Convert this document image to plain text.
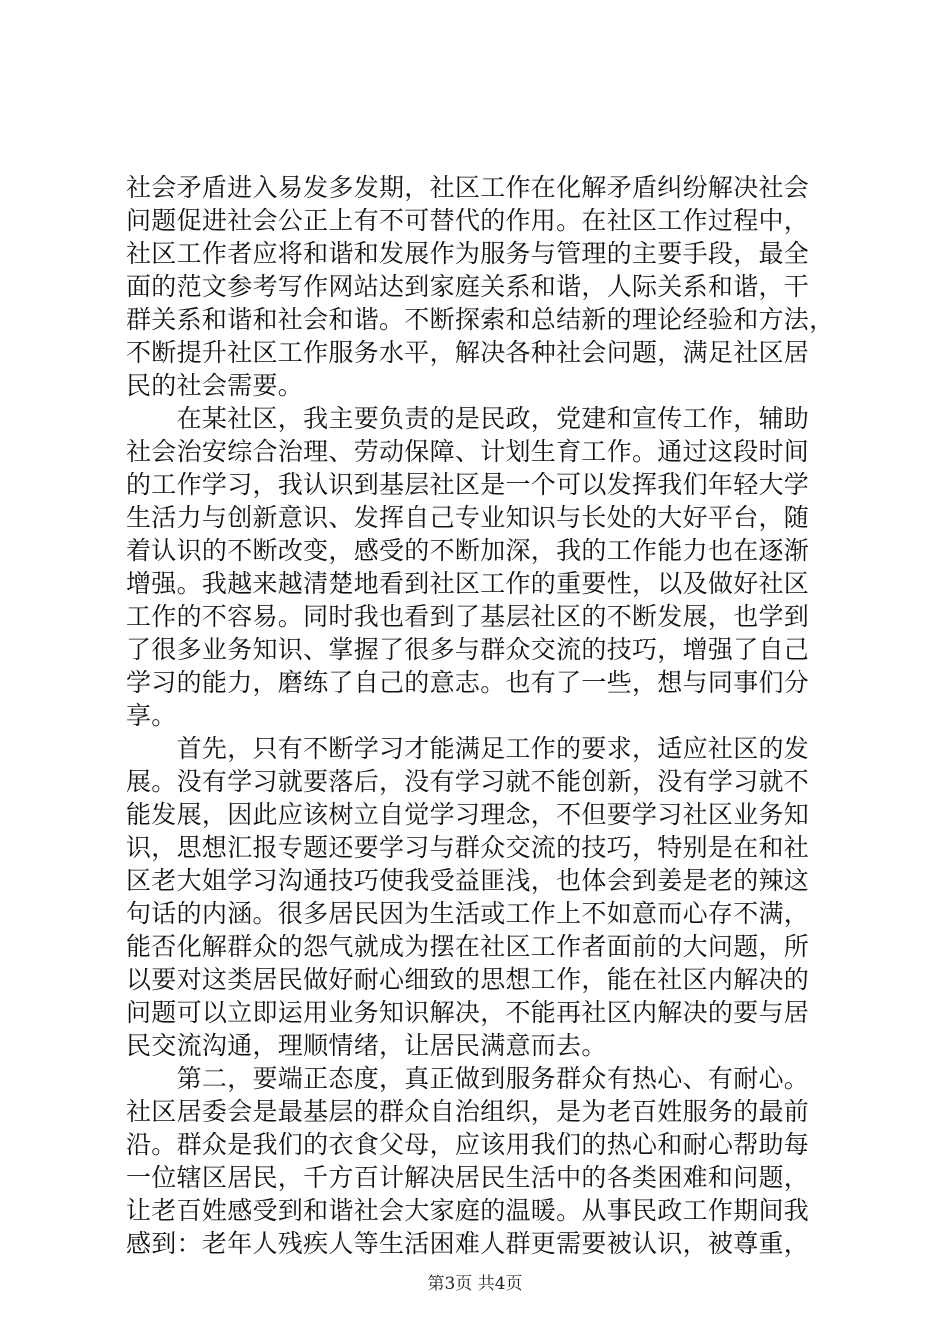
社会矛盾进入易发多发期，社区工作在化解矛盾纠纷解决社会
问题促进社会公正上有不可替代的作用。在社区工作过程中，
社区工作者应将和谐和发展作为服务与管理的主要手段，最全
面的范文参考写作网站达到家庭关系和谐，人际关系和谐，干
群关系和谐和社会和谐。不断探索和总结新的理论经验和方法，
不断提升社区工作服务水平，解决各种社会问题，满足社区居
民的社会需要。
　　在某社区，我主要负责的是民政，党建和宣传工作，辅助
社会治安综合治理、劳动保障、计划生育工作。通过这段时间
的工作学习，我认识到基层社区是一个可以发挥我们年轻大学
生活力与创新意识、发挥自己专业知识与长处的大好平台，随
着认识的不断改变，感受的不断加深，我的工作能力也在逐渐
增强。我越来越清楚地看到社区工作的重要性，以及做好社区
工作的不容易。同时我也看到了基层社区的不断发展，也学到
了很多业务知识、掌握了很多与群众交流的技巧，增强了自己
学习的能力，磨练了自己的意志。也有了一些，想与同事们分
享。
　　首先，只有不断学习才能满足工作的要求，适应社区的发
展。没有学习就要落后，没有学习就不能创新，没有学习就不
能发展，因此应该树立自觉学习理念，不但要学习社区业务知
识，思想汇报专题还要学习与群众交流的技巧，特别是在和社
区老大姐学习沟通技巧使我受益匪浅，也体会到姜是老的辣这
句话的内涵。很多居民因为生活或工作上不如意而心存不满，
能否化解群众的怨气就成为摆在社区工作者面前的大问题，所
以要对这类居民做好耐心细致的思想工作，能在社区内解决的
问题可以立即运用业务知识解决，不能再社区内解决的要与居
民交流沟通，理顺情绪，让居民满意而去。
　　第二，要端正态度，真正做到服务群众有热心、有耐心。
社区居委会是最基层的群众自治组织，是为老百姓服务的最前
沿。群众是我们的衣食父母，应该用我们的热心和耐心帮助每
一位辖区居民，千方百计解决居民生活中的各类困难和问题，
让老百姓感受到和谐社会大家庭的温暖。从事民政工作期间我
感到：老年人残疾人等生活困难人群更需要被认识，被尊重，
第3页 共4页
